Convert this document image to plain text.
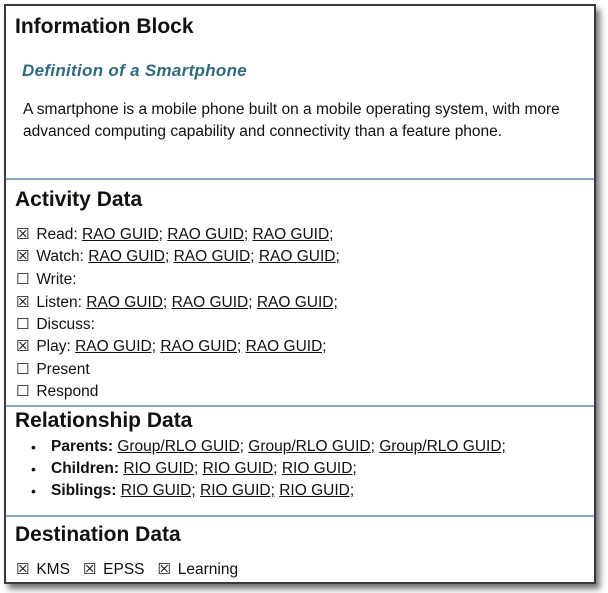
Information Block
Definition of a Smartphone
A smartphone is a mobile phone built on a mobile operating system, with more advanced computing capability and connectivity than a feature phone.
Activity Data
☒ Read: RAO GUID; RAO GUID; RAO GUID;
☒ Watch: RAO GUID; RAO GUID; RAO GUID;
☐ Write:
☒ Listen: RAO GUID; RAO GUID; RAO GUID;
☐ Discuss:
☒ Play: RAO GUID; RAO GUID; RAO GUID;
☐ Present
☐ Respond
Relationship Data
• Parents: Group/RLO GUID; Group/RLO GUID; Group/RLO GUID;
• Children: RIO GUID; RIO GUID; RIO GUID;
• Siblings: RIO GUID; RIO GUID; RIO GUID;
Destination Data
☒ KMS ☒ EPSS ☒ Learning
